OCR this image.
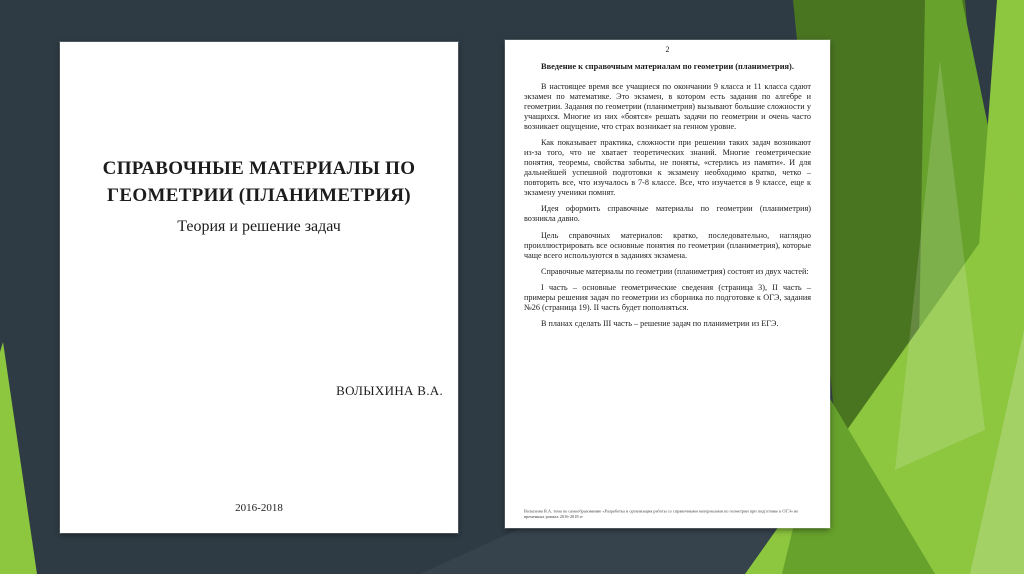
СПРАВОЧНЫЕ МАТЕРИАЛЫ ПО ГЕОМЕТРИИ (ПЛАНИМЕТРИЯ)
Теория и решение задач
ВОЛЫХИНА В.А.
2016-2018
2
Введение к справочным материалам по геометрии (планиметрия).

В настоящее время все учащиеся по окончании 9 класса и 11 класса сдают экзамен по математике. Это экзамен, в котором есть задания по алгебре и геометрии. Задания по геометрии (планиметрия) вызывают большие сложности у учащихся. Многие из них «боятся» решать задачи по геометрии и очень часто возникает ощущение, что страх возникает на генном уровне.

Как показывает практика, сложности при решении таких задач возникают из-за того, что не хватает теоретических знаний. Многие геометрические понятия, теоремы, свойства забыты, не поняты, «стерлись из памяти». И для дальнейшей успешной подготовки к экзамену необходимо кратко, четко –повторить все, что изучалось в 7-8 классе. Все, что изучается в 9 классе, еще к экзамену ученики помнят.

Идея оформить справочные материалы по геометрии (планиметрия) возникла давно.

Цель справочных материалов: кратко, последовательно, наглядно проиллюстрировать все основные понятия по геометрии (планиметрия), которые чаще всего используются в заданиях экзамена.

Справочные материалы по геометрии (планиметрия) состоят из двух частей:

I часть – основные геометрические сведения (страница 3), II часть – примеры решения задач по геометрии из сборника по подготовке к ОГЭ, задания №26 (страница 19). II часть будет пополняться.

В планах сделать III часть – решение задач по планиметрии из ЕГЭ.

Волыхина В.А. тема по самообразованию «Разработка и организация работы со справочными материалами по геометрии при подготовке к ОГЭ» во временных рамках 2016-2018 гг
